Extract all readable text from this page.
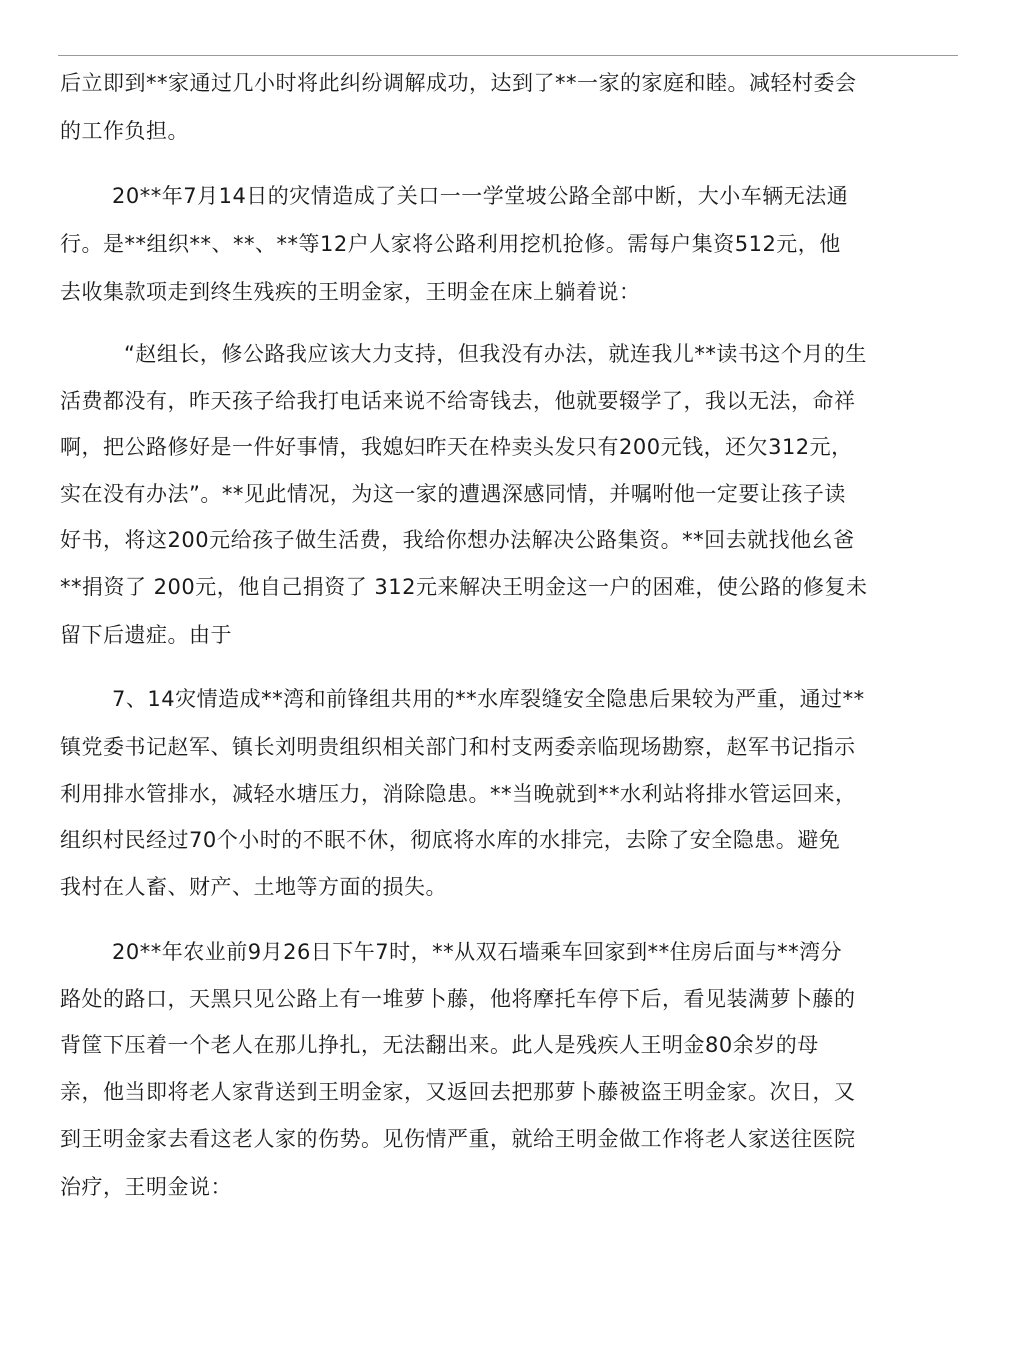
后立即到**家通过几小时将此纠纷调解成功，达到了**一家的家庭和睦。减轻村委会

的工作负担。

20**年7月14日的灾情造成了关口一一学堂坡公路全部中断，大小车辆无法通

行。是**组织**、**、**等12户人家将公路利用挖机抢修。需每户集资512元，他

去收集款项走到终生残疾的王明金家，王明金在床上躺着说：

“赵组长，修公路我应该大力支持，但我没有办法，就连我儿**读书这个月的生

活费都没有，昨天孩子给我打电话来说不给寄钱去，他就要辍学了，我以无法，命祥

啊，把公路修好是一件好事情，我媳妇昨天在枠卖头发只有200元钱，还欠312元，

实在没有办法”。**见此情况，为这一家的遭遇深感同情，并嘱咐他一定要让孩子读

好书，将这200元给孩子做生活费，我给你想办法解决公路集资。**回去就找他幺爸

**捐资了 200元，他自己捐资了 312元来解决王明金这一户的困难，使公路的修复未

留下后遗症。由于

7、14灾情造成**湾和前锋组共用的**水库裂缝安全隐患后果较为严重，通过**

镇党委书记赵军、镇长刘明贵组织相关部门和村支两委亲临现场勘察，赵军书记指示

利用排水管排水，减轻水塘压力，消除隐患。**当晚就到**水利站将排水管运回来，

组织村民经过70个小时的不眠不休，彻底将水库的水排完，去除了安全隐患。避免

我村在人畜、财产、土地等方面的损失。

20**年农业前9月26日下午7时，**从双石墙乘车回家到**住房后面与**湾分

路处的路口，天黑只见公路上有一堆萝卜藤，他将摩托车停下后，看见装满萝卜藤的

背筐下压着一个老人在那儿挣扎，无法翻出来。此人是残疾人王明金80余岁的母

亲，他当即将老人家背送到王明金家，又返回去把那萝卜藤被盗王明金家。次日，又

到王明金家去看这老人家的伤势。见伤情严重，就给王明金做工作将老人家送往医院

治疗，王明金说：
